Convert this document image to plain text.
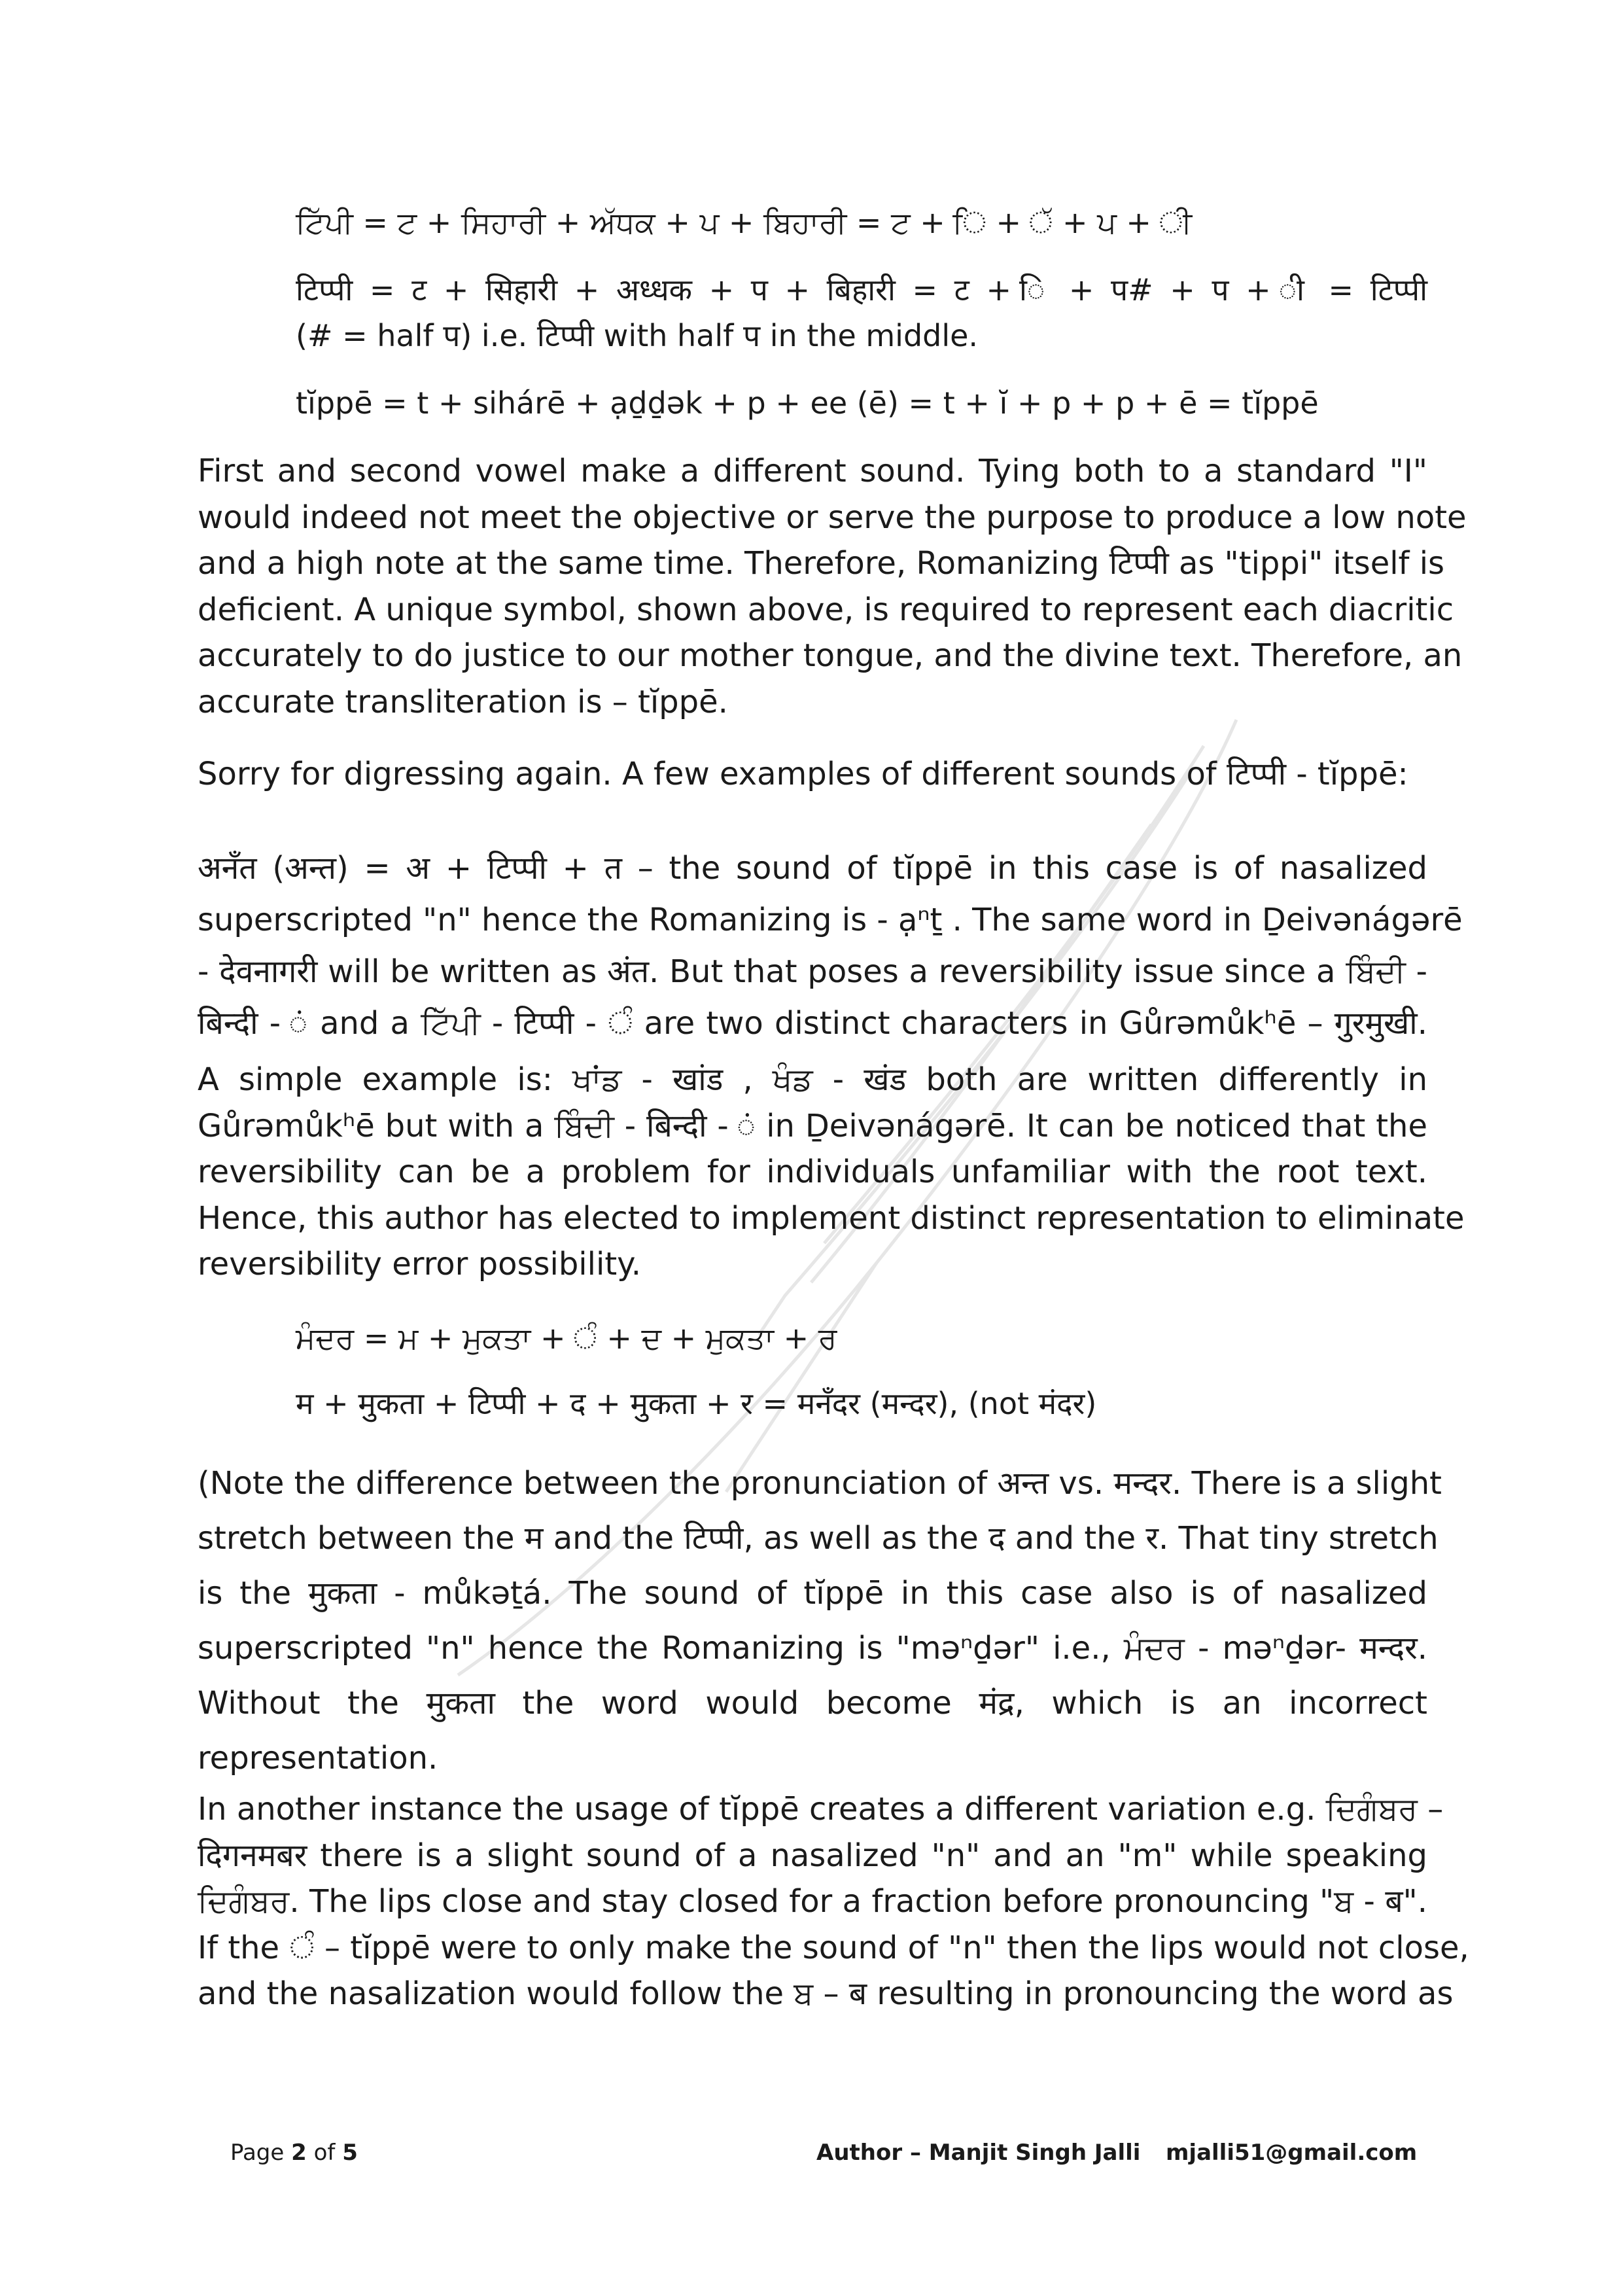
ਟਿੱਪੀ = ਟ + ਸਿਹਾਰੀ + ਅੱਧਕ + ਪ + ਬਿਹਾਰੀ = ਟ + ਿ + ੱ + ਪ + ੀ
टिप्पी = ट + सिहारी + अध्धक + प + बिहारी = ट + ि + प# + प + ी = टिप्पी
(# = half प) i.e. टिप्पी with half प in the middle.
tĭppē = t + sihárē + ạḏḏək + p + ee (ē) = t + ĭ + p + p + ē = tĭppē
First and second vowel make a different sound. Tying both to a standard "I"
would indeed not meet the objective or serve the purpose to produce a low note
and a high note at the same time. Therefore, Romanizing टिप्पी as "tippi" itself is
deficient. A unique symbol, shown above, is required to represent each diacritic
accurately to do justice to our mother tongue, and the divine text. Therefore, an
accurate transliteration is – tĭppē.
Sorry for digressing again. A few examples of different sounds of टिप्पी - tĭppē:
अनँत (अन्त) = अ + टिप्पी + त – the sound of tĭppē in this case is of nasalized
superscripted "n" hence the Romanizing is - ạⁿṯ . The same word in Ḏeivənágərē
- देवनागरी will be written as अंत. But that poses a reversibility issue since a ਬਿੰਦੀ -
बिन्दी - ं and a ਟਿੱਪੀ - टिप्पी - ੰ are two distinct characters in Gůrəmůkʰē – गुरमुखी.
A simple example is: ਖਾਂਡ - खांड , ਖੰਡ - खंड both are written differently in
Gůrəmůkʰē but with a ਬਿੰਦੀ - बिन्दी - ं in Ḏeivənágərē. It can be noticed that the
reversibility can be a problem for individuals unfamiliar with the root text.
Hence, this author has elected to implement distinct representation to eliminate
reversibility error possibility.
ਮੰਦਰ = ਮ + ਮੁਕਤਾ + ੰ + ਦ + ਮੁਕਤਾ + ਰ
म + मुकता + टिप्पी + द + मुकता + र = मनँदर (मन्दर), (not मंदर)
(Note the difference between the pronunciation of अन्त vs. मन्दर. There is a slight
stretch between the म and the टिप्पी, as well as the द and the र. That tiny stretch
is the मुकता - můkəṯá. The sound of tĭppē in this case also is of nasalized
superscripted "n" hence the Romanizing is "məⁿḏər" i.e., ਮੰਦਰ - məⁿḏər- मन्दर.
Without the मुकता the word would become मंद्र, which is an incorrect
representation.
In another instance the usage of tĭppē creates a different variation e.g. ਦਿਗੰਬਰ –
दिगनमबर there is a slight sound of a nasalized "n" and an "m" while speaking
ਦਿਗੰਬਰ. The lips close and stay closed for a fraction before pronouncing "ਬ - ब".
If the ੰ – tĭppē were to only make the sound of "n" then the lips would not close,
and the nasalization would follow the ਬ – ब resulting in pronouncing the word as
Page 2 of 5	Author – Manjit Singh Jalli mjalli51@gmail.com
